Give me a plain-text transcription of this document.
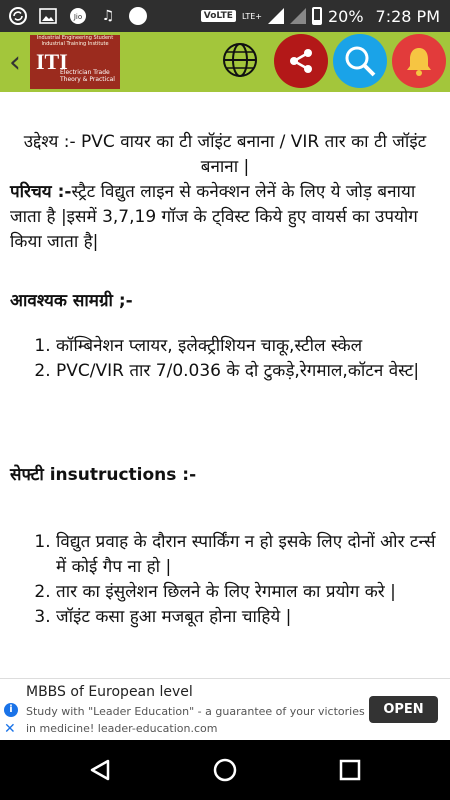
Jio ♫	VoLTE	LTE+	20% 7:28 PM
‹
Industrial Engineering Student
Industrial Training Institute
ITI
Electrician Trade
Theory & Practical
उद्देश्य :- PVC वायर का टी जॉइंट बनाना / VIR तार का टी जॉइंट बनाना |
परिचय :-स्ट्रैट विद्युत लाइन से कनेक्शन लेनें के लिए ये जोड़ बनाया जाता है |इसमें 3,7,19 गॉज के ट्विस्ट किये हुए वायर्स का उपयोग किया जाता है|
आवश्यक सामग्री ;-
1. कॉम्बिनेशन प्लायर, इलेक्ट्रीशियन चाकू,स्टील स्केल
2. PVC/VIR तार 7/0.036 के दो टुकड़े,रेगमाल,कॉटन वेस्ट|
सेफ्टी insutructions :-
1. विद्युत प्रवाह के दौरान स्पार्किंग न हो इसके लिए दोनों ओर टर्न्स में कोई गैप ना हो |
2. तार का इंसुलेशन छिलने के लिए रेगमाल का प्रयोग करे |
3. जॉइंट कसा हुआ मजबूत होना चाहिये |
i
✕
MBBS of European level
Study with "Leader Education" - a guarantee of your victories in medicine! leader-education.com
OPEN
